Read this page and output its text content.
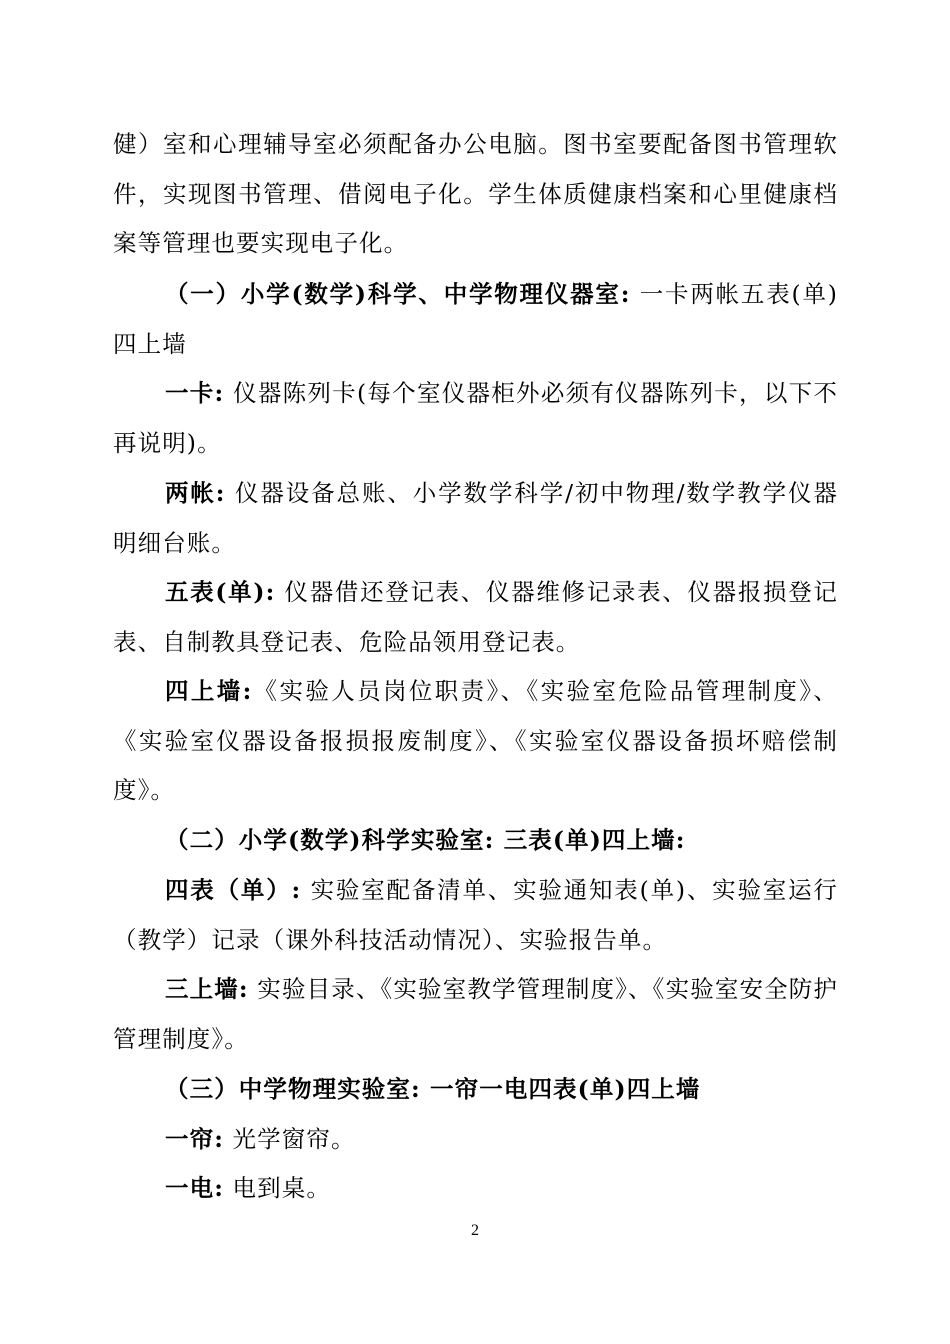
健）室和心理辅导室必须配备办公电脑。图书室要配备图书管理软件，实现图书管理、借阅电子化。学生体质健康档案和心里健康档案等管理也要实现电子化。

（一）小学(数学)科学、中学物理仪器室: 一卡两帐五表(单)四上墙

一卡: 仪器陈列卡(每个室仪器柜外必须有仪器陈列卡，以下不再说明)。

两帐: 仪器设备总账、小学数学科学/初中物理/数学教学仪器明细台账。

五表(单): 仪器借还登记表、仪器维修记录表、仪器报损登记表、自制教具登记表、危险品领用登记表。

四上墙:《实验人员岗位职责》、《实验室危险品管理制度》、《实验室仪器设备报损报废制度》、《实验室仪器设备损坏赔偿制度》。

（二）小学(数学)科学实验室: 三表(单)四上墙:

四表（单）: 实验室配备清单、实验通知表(单)、实验室运行（教学）记录（课外科技活动情况）、实验报告单。

三上墙: 实验目录、《实验室教学管理制度》、《实验室安全防护管理制度》。

（三）中学物理实验室: 一帘一电四表(单)四上墙

一帘: 光学窗帘。

一电: 电到桌。

2
